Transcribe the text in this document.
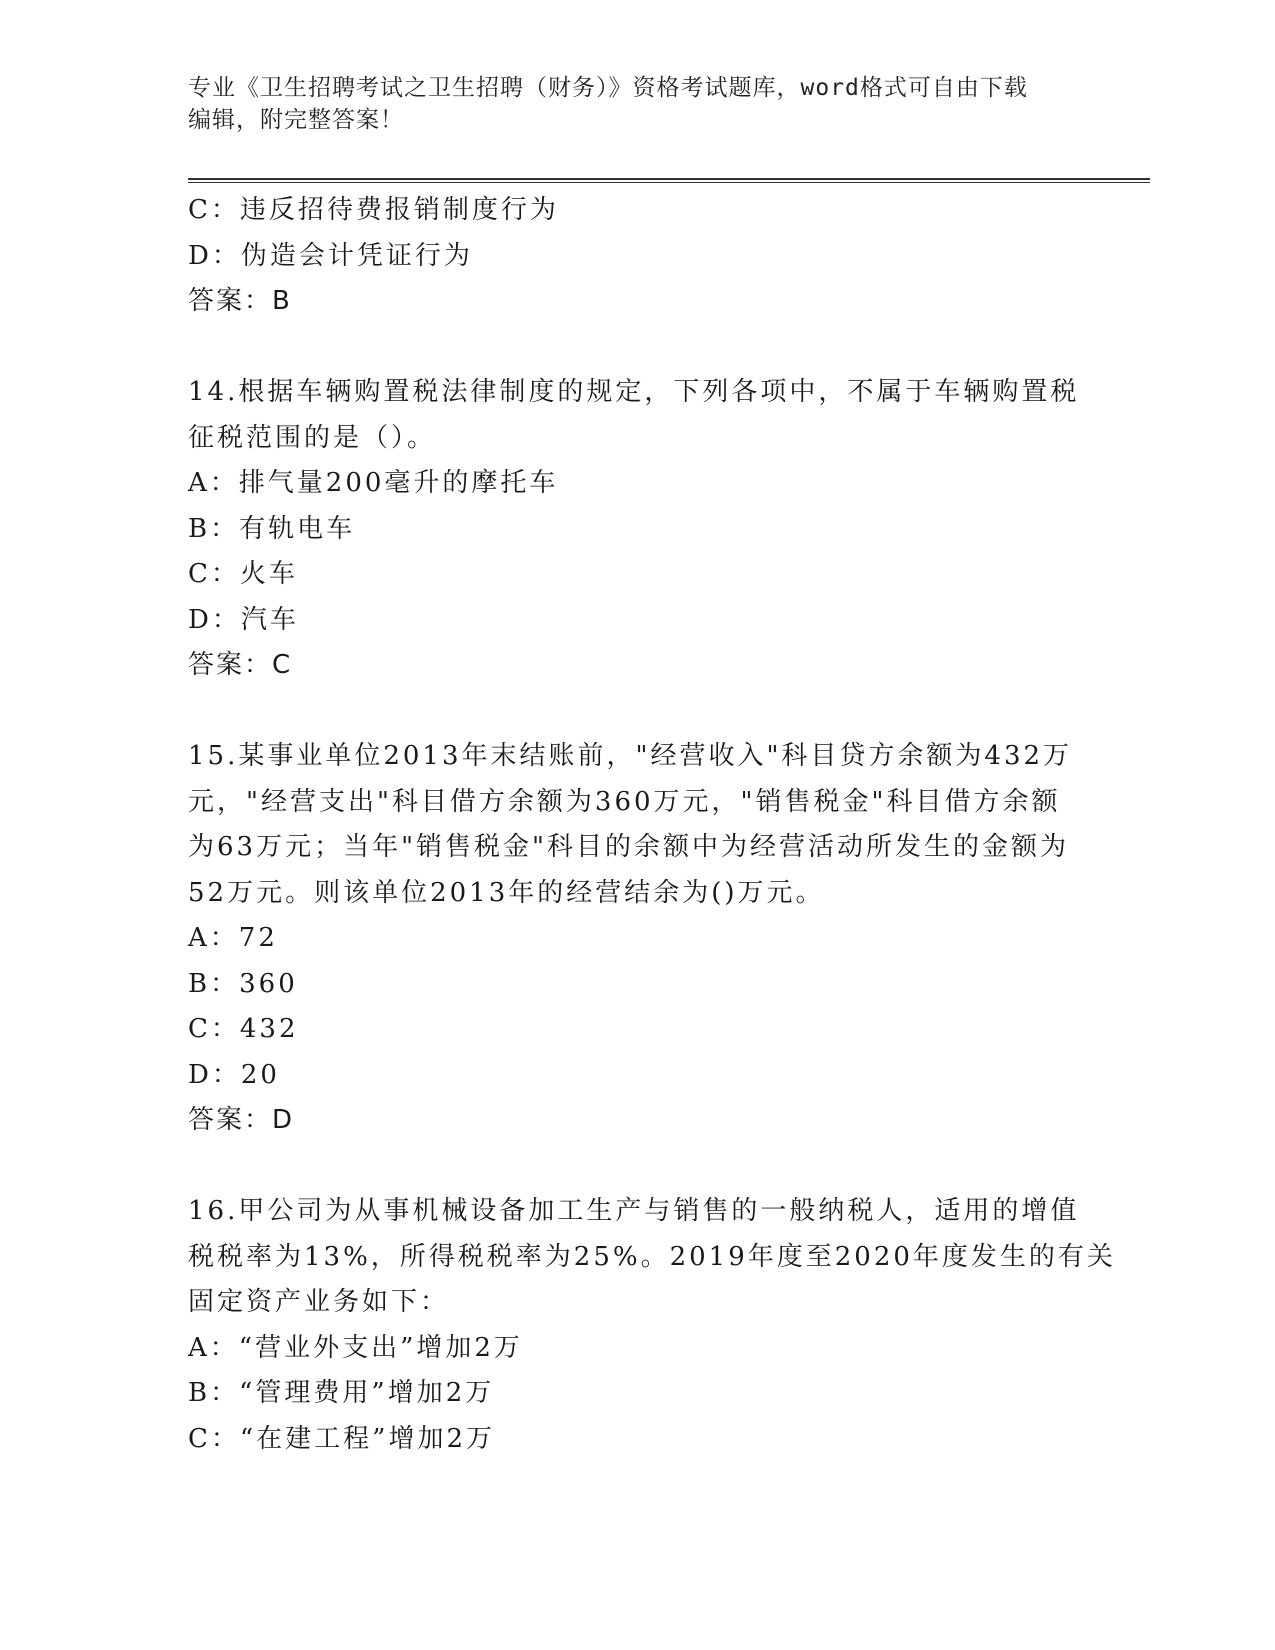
专业《卫生招聘考试之卫生招聘（财务）》资格考试题库，word格式可自由下载
编辑，附完整答案！
C：违反招待费报销制度行为
D：伪造会计凭证行为
答案：B
14.根据车辆购置税法律制度的规定，下列各项中，不属于车辆购置税
征税范围的是（）。
A：排气量200毫升的摩托车
B：有轨电车
C：火车
D：汽车
答案：C
15.某事业单位2013年末结账前，"经营收入"科目贷方余额为432万
元，"经营支出"科目借方余额为360万元，"销售税金"科目借方余额
为63万元；当年"销售税金"科目的余额中为经营活动所发生的金额为
52万元。则该单位2013年的经营结余为()万元。
A：72
B：360
C：432
D：20
答案：D
16.甲公司为从事机械设备加工生产与销售的一般纳税人，适用的增值
税税率为13%，所得税税率为25%。2019年度至2020年度发生的有关
固定资产业务如下：
A：“营业外支出”增加2万
B：“管理费用”增加2万
C：“在建工程”增加2万
